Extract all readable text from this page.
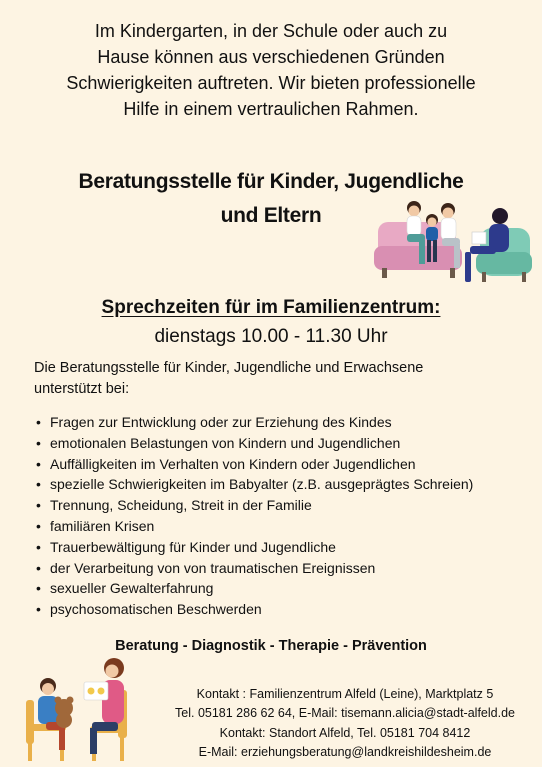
Im Kindergarten, in der Schule oder auch zu
Hause können aus verschiedenen Gründen
Schwierigkeiten auftreten. Wir bieten professionelle
Hilfe in einem vertraulichen Rahmen.
Beratungsstelle für Kinder, Jugendliche
und Eltern
Sprechzeiten für im Familienzentrum:
dienstags 10.00 - 11.30 Uhr
Die Beratungsstelle für Kinder, Jugendliche und Erwachsene
unterstützt bei:
• Fragen zur Entwicklung oder zur Erziehung des Kindes
• emotionalen Belastungen von Kindern und Jugendlichen
• Auffälligkeiten im Verhalten von Kindern oder Jugendlichen
• spezielle Schwierigkeiten im Babyalter (z.B. ausgeprägtes Schreien)
• Trennung, Scheidung, Streit in der Familie
• familiären Krisen
• Trauerbewältigung für Kinder und Jugendliche
• der Verarbeitung von von traumatischen Ereignissen
• sexueller Gewalterfahrung
• psychosomatischen Beschwerden
Beratung - Diagnostik - Therapie - Prävention
Kontakt : Familienzentrum Alfeld (Leine), Marktplatz 5
Tel. 05181 286 62 64, E-Mail: tisemann.alicia@stadt-alfeld.de
Kontakt: Standort Alfeld, Tel. 05181 704 8412
E-Mail: erziehungsberatung@landkreishildesheim.de
